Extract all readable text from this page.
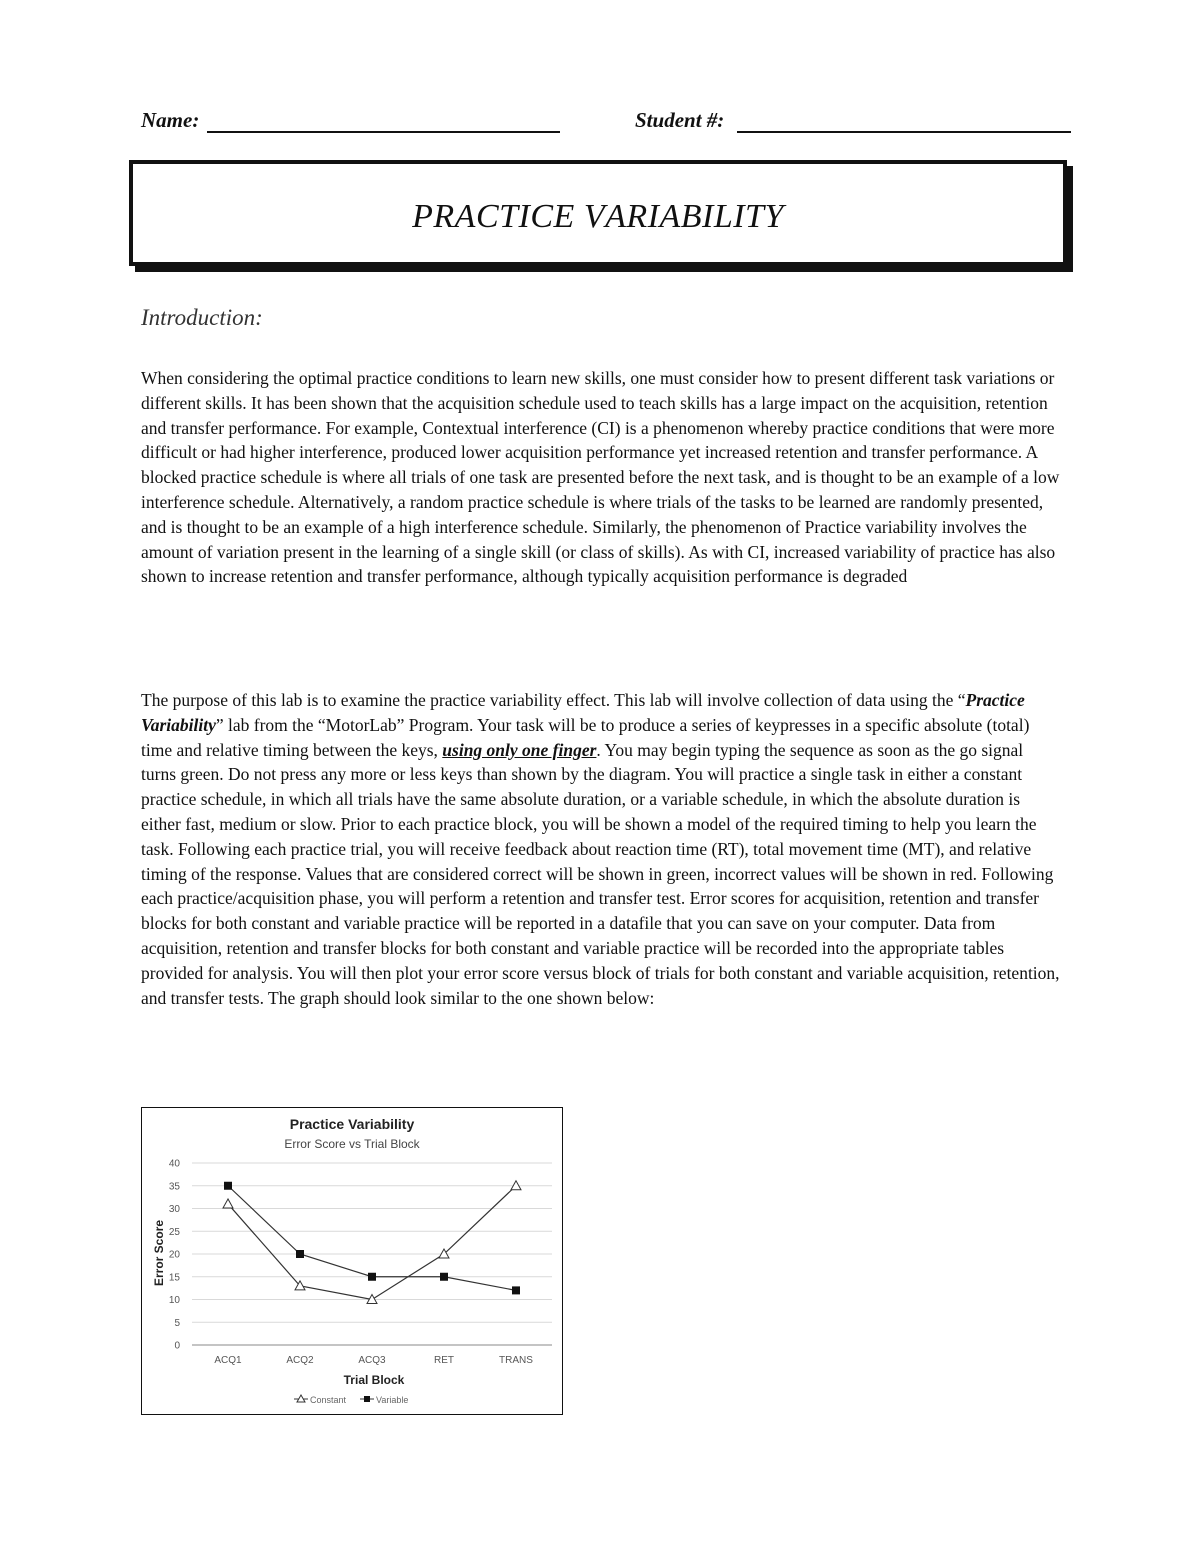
Name:	Student #:
PRACTICE VARIABILITY
Introduction:

When considering the optimal practice conditions to learn new skills, one must consider how to present different task variations or different skills. It has been shown that the acquisition schedule used to teach skills has a large impact on the acquisition, retention and transfer performance. For example, Contextual interference (CI) is a phenomenon whereby practice conditions that were more difficult or had higher interference, produced lower acquisition performance yet increased retention and transfer performance. A blocked practice schedule is where all trials of one task are presented before the next task, and is thought to be an example of a low interference schedule. Alternatively, a random practice schedule is where trials of the tasks to be learned are randomly presented, and is thought to be an example of a high interference schedule. Similarly, the phenomenon of Practice variability involves the amount of variation present in the learning of a single skill (or class of skills). As with CI, increased variability of practice has also shown to increase retention and transfer performance, although typically acquisition performance is degraded

The purpose of this lab is to examine the practice variability effect. This lab will involve collection of data using the “Practice Variability” lab from the “MotorLab” Program. Your task will be to produce a series of keypresses in a specific absolute (total) time and relative timing between the keys, using only one finger. You may begin typing the sequence as soon as the go signal turns green. Do not press any more or less keys than shown by the diagram. You will practice a single task in either a constant practice schedule, in which all trials have the same absolute duration, or a variable schedule, in which the absolute duration is either fast, medium or slow. Prior to each practice block, you will be shown a model of the required timing to help you learn the task. Following each practice trial, you will receive feedback about reaction time (RT), total movement time (MT), and relative timing of the response. Values that are considered correct will be shown in green, incorrect values will be shown in red. Following each practice/acquisition phase, you will perform a retention and transfer test. Error scores for acquisition, retention and transfer blocks for both constant and variable practice will be reported in a datafile that you can save on your computer. Data from acquisition, retention and transfer blocks for both constant and variable practice will be recorded into the appropriate tables provided for analysis. You will then plot your error score versus block of trials for both constant and variable acquisition, retention, and transfer tests. The graph should look similar to the one shown below:

Practice Variability
Error Score vs Trial Block
0
5
10
15
20
25
30
35
40
ACQ1	ACQ2	ACQ3	RET	TRANS
Trial Block
Error Score
Constant	Variable
